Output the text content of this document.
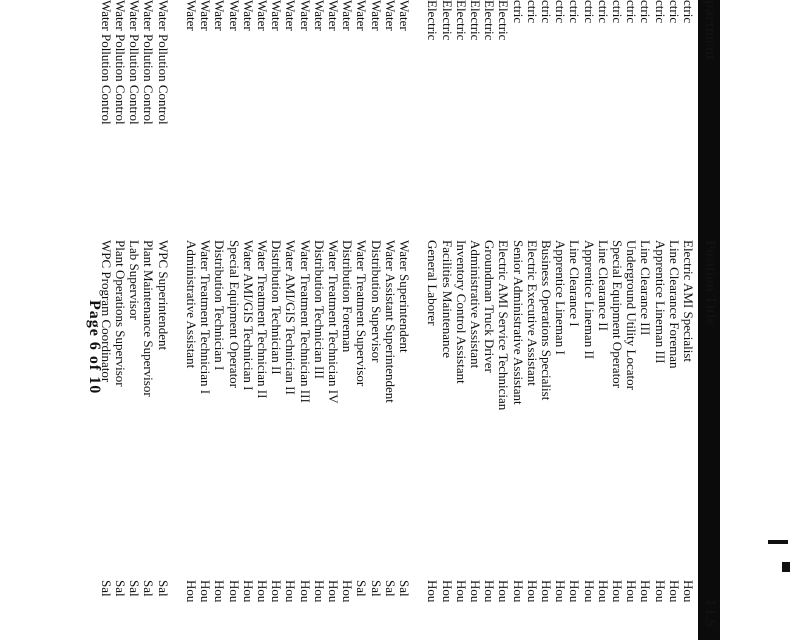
partment
Position Title
FLS
ctric
Electric AMI Specialist
Hou
ctric
Line Clearance Foreman
Hou
ctric
Apprentice Lineman III
Hou
ctric
Line Clearance III
Hou
ctric
Underground Utility Locator
Hou
ctric
Special Equipment Operator
Hou
ctric
Line Clearance II
Hou
ctric
Apprentice Lineman II
Hou
ctric
Line Clearance I
Hou
ctric
Apprentice Lineman I
Hou
ctric
Business Operations Specialist
Hou
ctric
Electric Executive Assistant
Hou
ctric
Senior Administrative Assistant
Hou
Electric
Electric AMI Service Technician
Hou
Electric
Groundman Truck Driver
Hou
Electric
Administrative Assistant
Hou
Electric
Inventory Control Assistant
Hou
Electric
Facilities Maintenance
Hou
Electric
General Laborer
Hou
Water
Water Superintendent
Sal
Water
Water Assistant Superintendent
Sal
Water
Distribution Supervisor
Sal
Water
Water Treatment Supervisor
Sal
Water
Distribution Foreman
Hou
Water
Water Treatment Technician IV
Hou
Water
Distribution Technician III
Hou
Water
Water Treatment Technician III
Hou
Water
Water AMI/GIS Technician II
Hou
Water
Distribution Technician II
Hou
Water
Water Treatment Technician II
Hou
Water
Water AMI/GIS Technician I
Hou
Water
Special Equipment Operator
Hou
Water
Distribution Technician I
Hou
Water
Water Treatment Technician I
Hou
Water
Administrative Assistant
Hou
Water Pollution Control
WPC Superintendent
Sal
Water Pollution Control
Plant Maintenance Supervisor
Sal
Water Pollution Control
Lab Supervisor
Sal
Water Pollution Control
Plant Operations Supervisor
Sal
Water Pollution Control
WPC Program Coordinator
Sal
Page 6 of 10
